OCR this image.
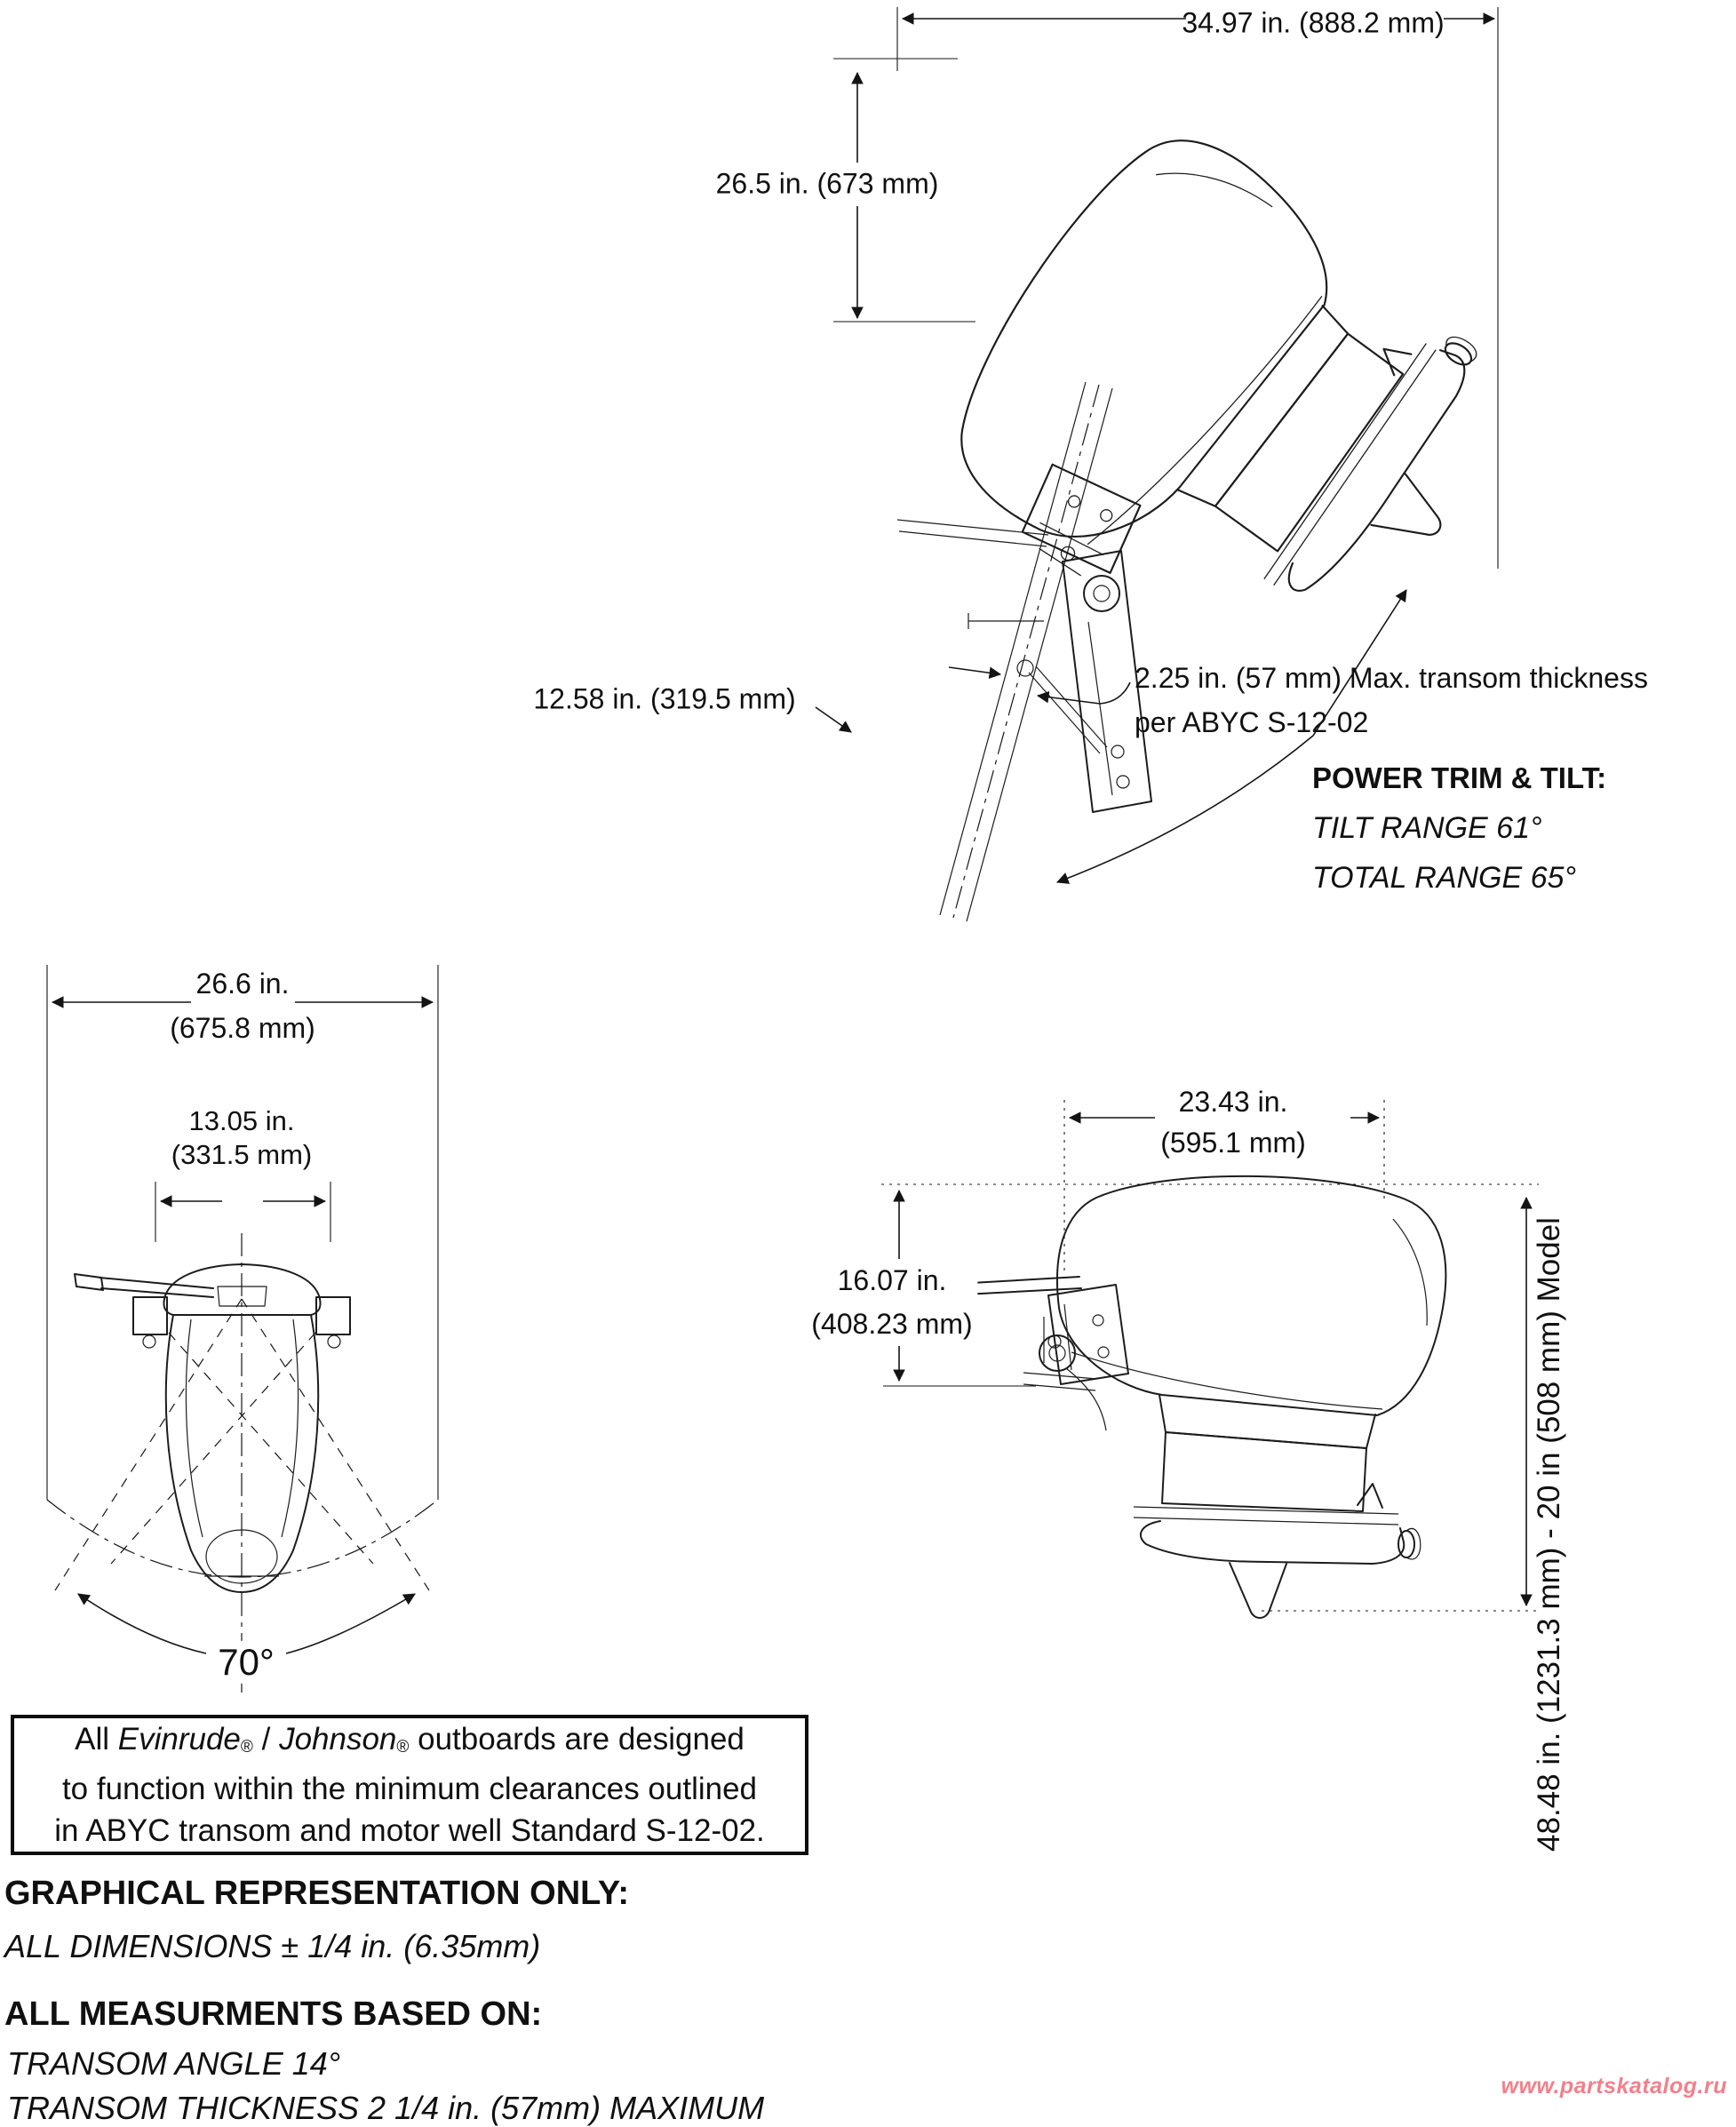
34.97 in. (888.2 mm)
26.5 in. (673 mm)
12.58 in. (319.5 mm)
2.25 in. (57 mm) Max. transom thickness
per ABYC S-12-02
POWER TRIM & TILT:
TILT RANGE 61°
TOTAL RANGE 65°
26.6 in.
(675.8 mm)
13.05 in.
(331.5 mm)
70°
23.43 in.
(595.1 mm)
16.07 in.
(408.23 mm)	48.48 in. (1231.3 mm) - 20 in (508 mm) Model
All Evinrude® / Johnson® outboards are designed
to function within the minimum clearances outlined
in ABYC transom and motor well Standard S-12-02.
GRAPHICAL REPRESENTATION ONLY:
ALL DIMENSIONS ± 1/4 in. (6.35mm)
ALL MEASURMENTS BASED ON:
TRANSOM ANGLE 14°
TRANSOM THICKNESS 2 1/4 in. (57mm) MAXIMUM
www.partskatalog.ru
